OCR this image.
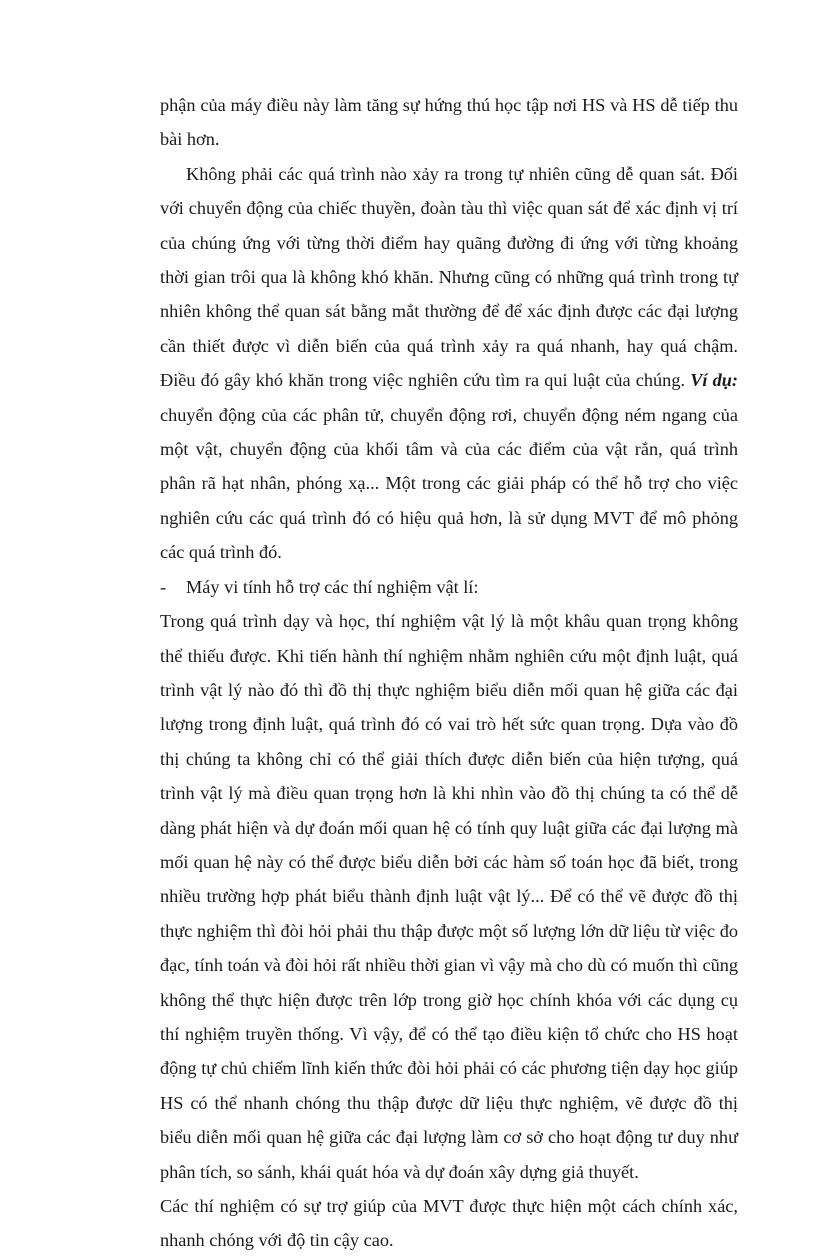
phận của máy điều này làm tăng sự hứng thú học tập nơi HS và HS dễ tiếp thu bài hơn.

Không phải các quá trình nào xảy ra trong tự nhiên cũng dễ quan sát. Đối với chuyển động của chiếc thuyền, đoàn tàu thì việc quan sát để xác định vị trí của chúng ứng với từng thời điểm hay quãng đường đi ứng với từng khoảng thời gian trôi qua là không khó khăn. Nhưng cũng có những quá trình trong tự nhiên không thể quan sát bằng mắt thường để để xác định được các đại lượng cần thiết được vì diễn biến của quá trình xảy ra quá nhanh, hay quá chậm. Điều đó gây khó khăn trong việc nghiên cứu tìm ra qui luật của chúng. Ví dụ: chuyển động của các phân tử, chuyển động rơi, chuyển động ném ngang của một vật, chuyển động của khối tâm và của các điểm của vật rắn, quá trình phân rã hạt nhân, phóng xạ... Một trong các giải pháp có thể hỗ trợ cho việc nghiên cứu các quá trình đó có hiệu quả hơn, là sử dụng MVT để mô phỏng các quá trình đó.

-	Máy vi tính hỗ trợ các thí nghiệm vật lí:

Trong quá trình dạy và học, thí nghiệm vật lý là một khâu quan trọng không thể thiếu được. Khi tiến hành thí nghiệm nhằm nghiên cứu một định luật, quá trình vật lý nào đó thì đồ thị thực nghiệm biểu diễn mối quan hệ giữa các đại lượng trong định luật, quá trình đó có vai trò hết sức quan trọng. Dựa vào đồ thị chúng ta không chỉ có thể giải thích được diễn biến của hiện tượng, quá trình vật lý mà điều quan trọng hơn là khi nhìn vào đồ thị chúng ta có thể dễ dàng phát hiện và dự đoán mối quan hệ có tính quy luật giữa các đại lượng mà mối quan hệ này có thể được biểu diễn bởi các hàm số toán học đã biết, trong nhiều trường hợp phát biểu thành định luật vật lý... Để có thể vẽ được đồ thị thực nghiệm thì đòi hỏi phải thu thập được một số lượng lớn dữ liệu từ việc đo đạc, tính toán và đòi hỏi rất nhiều thời gian vì vậy mà cho dù có muốn thì cũng không thể thực hiện được trên lớp trong giờ học chính khóa với các dụng cụ thí nghiệm truyền thống. Vì vậy, để có thể tạo điều kiện tổ chức cho HS hoạt động tự chủ chiếm lĩnh kiến thức đòi hỏi phải có các phương tiện dạy học giúp HS có thể nhanh chóng thu thập được dữ liệu thực nghiệm, vẽ được đồ thị biểu diễn mối quan hệ giữa các đại lượng làm cơ sở cho hoạt động tư duy như phân tích, so sánh, khái quát hóa và dự đoán xây dựng giả thuyết.

Các thí nghiệm có sự trợ giúp của MVT được thực hiện một cách chính xác, nhanh chóng với độ tin cậy cao.
